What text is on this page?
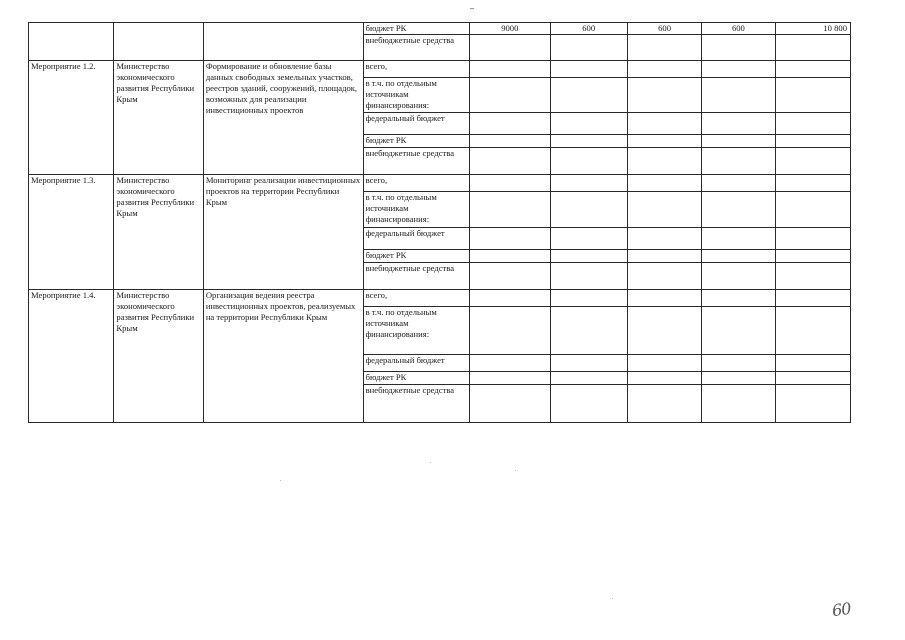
			бюджет РК	9000	600	600	600	10 800
			внебюджетные средства					
Мероприятие 1.2.	Министерство экономического развития Республики Крым	Формирование и обновление базы данных свободных земельных участков, реестров зданий, сооружений, площадок, возможных для реализации инвестиционных проектов	всего,					
			в т.ч. по отдельным источникам финансирования:					
			федеральный бюджет					
			бюджет РК					
			внебюджетные средства					
Мероприятие 1.3.	Министерство экономического развития Республики Крым	Мониторинг реализации инвестиционных проектов на территории Республики Крым	всего,					
			в т.ч. по отдельным источникам финансирования:					
			федеральный бюджет					
			бюджет РК					
			внебюджетные средства					
Мероприятие 1.4.	Министерство экономического развития Республики Крым	Организация ведения реестра инвестиционных проектов, реализуемых на территории Республики Крым	всего,					
			в т.ч. по отдельным источникам финансирования:					
			федеральный бюджет					
			бюджет РК					
			внебюджетные средства					
60
